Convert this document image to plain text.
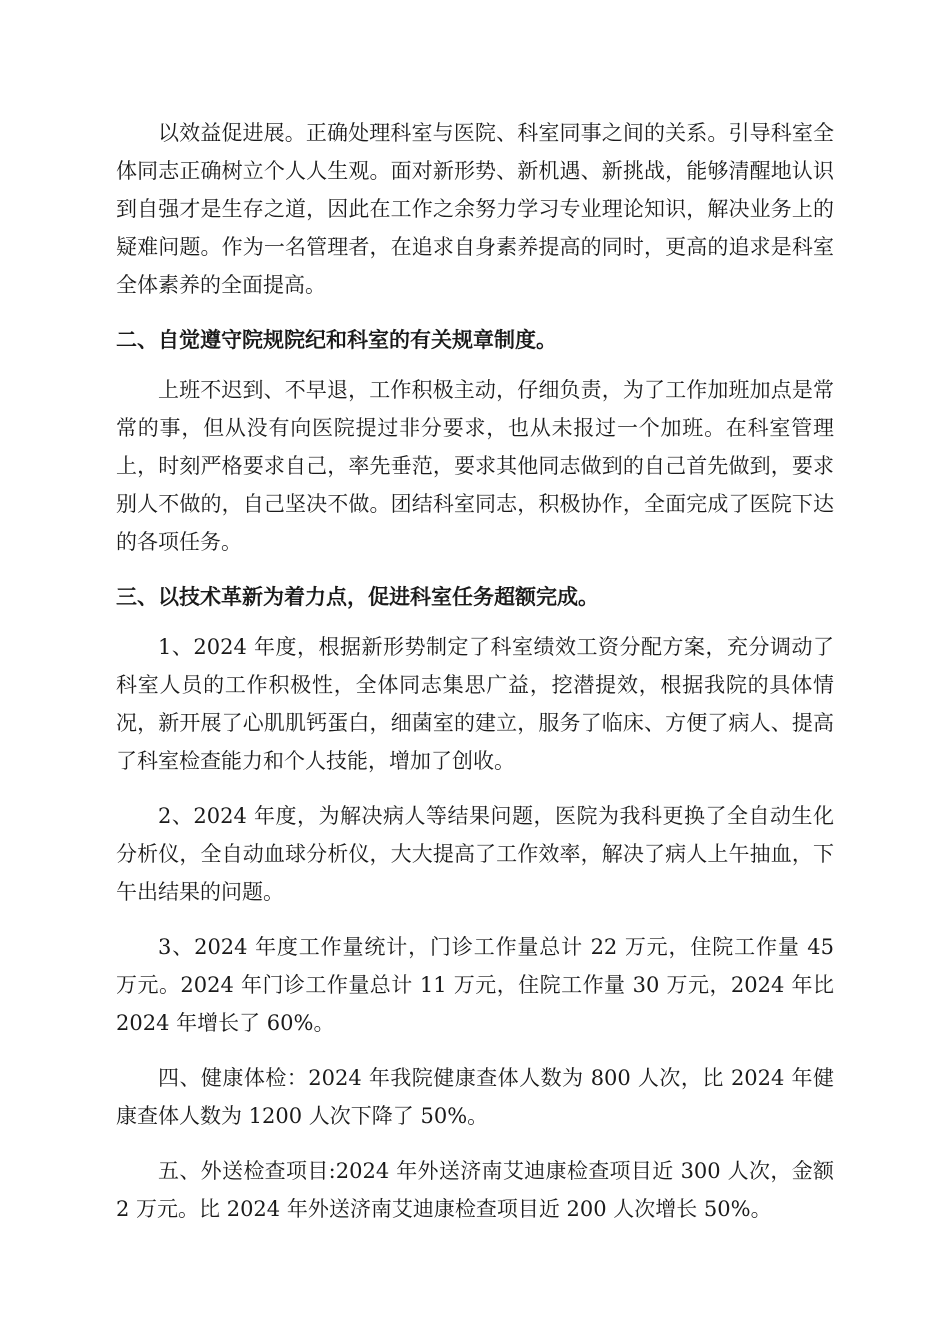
以效益促进展。正确处理科室与医院、科室同事之间的关系。引导科室全体同志正确树立个人人生观。面对新形势、新机遇、新挑战，能够清醒地认识到自强才是生存之道，因此在工作之余努力学习专业理论知识，解决业务上的疑难问题。作为一名管理者，在追求自身素养提高的同时，更高的追求是科室全体素养的全面提高。

二、自觉遵守院规院纪和科室的有关规章制度。

上班不迟到、不早退，工作积极主动，仔细负责，为了工作加班加点是常常的事，但从没有向医院提过非分要求，也从未报过一个加班。在科室管理上，时刻严格要求自己，率先垂范，要求其他同志做到的自己首先做到，要求别人不做的，自己坚决不做。团结科室同志，积极协作，全面完成了医院下达的各项任务。

三、以技术革新为着力点，促进科室任务超额完成。

1、2024 年度，根据新形势制定了科室绩效工资分配方案，充分调动了科室人员的工作积极性，全体同志集思广益，挖潜提效，根据我院的具体情况，新开展了心肌肌钙蛋白，细菌室的建立，服务了临床、方便了病人、提高了科室检查能力和个人技能，增加了创收。

2、2024 年度，为解决病人等结果问题，医院为我科更换了全自动生化分析仪，全自动血球分析仪，大大提高了工作效率，解决了病人上午抽血，下午出结果的问题。

3、2024 年度工作量统计，门诊工作量总计 22 万元，住院工作量 45 万元。2024 年门诊工作量总计 11 万元，住院工作量 30 万元，2024 年比 2024 年增长了 60%。

四、健康体检：2024 年我院健康查体人数为 800 人次，比 2024 年健康查体人数为 1200 人次下降了 50%。

五、外送检查项目:2024 年外送济南艾迪康检查项目近 300 人次，金额 2 万元。比 2024 年外送济南艾迪康检查项目近 200 人次增长 50%。
